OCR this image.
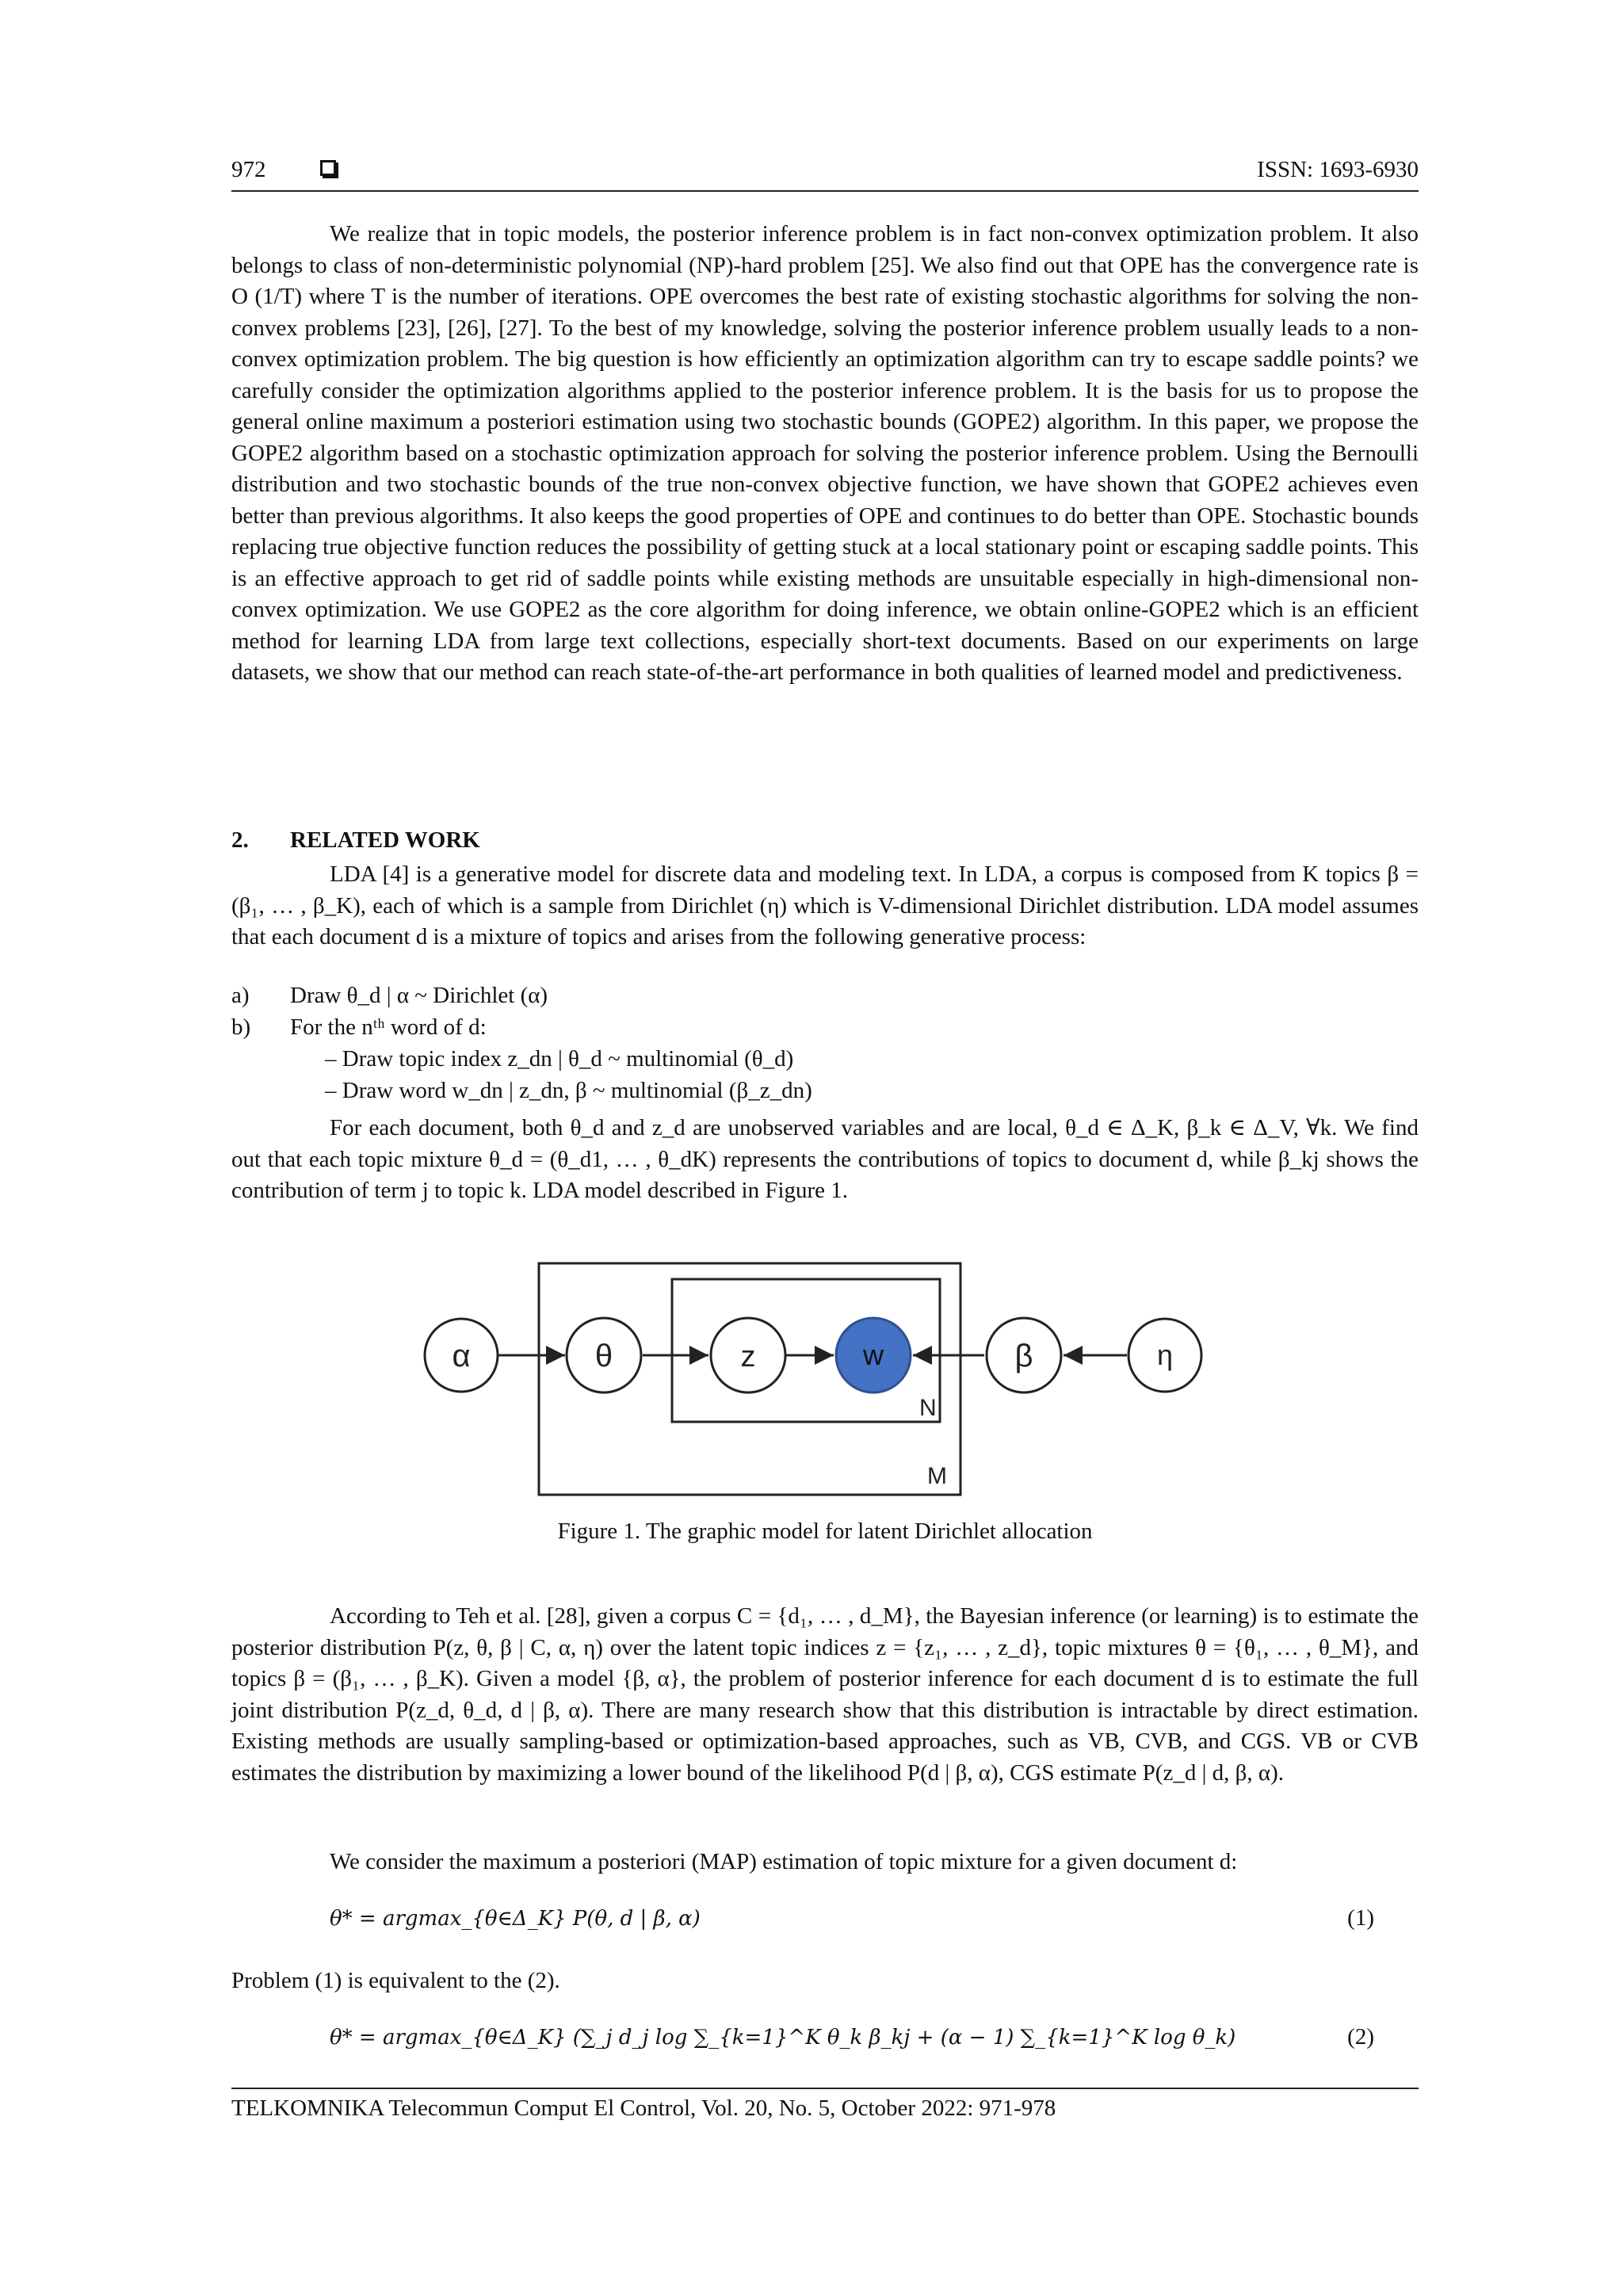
972	ISSN: 1693-6930

We realize that in topic models, the posterior inference problem is in fact non-convex optimization problem. It also belongs to class of non-deterministic polynomial (NP)-hard problem [25]. We also find out that OPE has the convergence rate is O (1/T) where T is the number of iterations. OPE overcomes the best rate of existing stochastic algorithms for solving the non-convex problems [23], [26], [27]. To the best of my knowledge, solving the posterior inference problem usually leads to a non-convex optimization problem. The big question is how efficiently an optimization algorithm can try to escape saddle points? we carefully consider the optimization algorithms applied to the posterior inference problem. It is the basis for us to propose the general online maximum a posteriori estimation using two stochastic bounds (GOPE2) algorithm. In this paper, we propose the GOPE2 algorithm based on a stochastic optimization approach for solving the posterior inference problem. Using the Bernoulli distribution and two stochastic bounds of the true non-convex objective function, we have shown that GOPE2 achieves even better than previous algorithms. It also keeps the good properties of OPE and continues to do better than OPE. Stochastic bounds replacing true objective function reduces the possibility of getting stuck at a local stationary point or escaping saddle points. This is an effective approach to get rid of saddle points while existing methods are unsuitable especially in high-dimensional non-convex optimization. We use GOPE2 as the core algorithm for doing inference, we obtain online-GOPE2 which is an efficient method for learning LDA from large text collections, especially short-text documents. Based on our experiments on large datasets, we show that our method can reach state-of-the-art performance in both qualities of learned model and predictiveness.

2. RELATED WORK

LDA [4] is a generative model for discrete data and modeling text. In LDA, a corpus is composed from K topics β = (β₁, … , β_K), each of which is a sample from Dirichlet (η) which is V-dimensional Dirichlet distribution. LDA model assumes that each document d is a mixture of topics and arises from the following generative process:

a) Draw θ_d | α ~ Dirichlet (α)
b) For the nᵗʰ word of d:
– Draw topic index z_dn | θ_d ~ multinomial (θ_d)
– Draw word w_dn | z_dn, β ~ multinomial (β_z_dn)

For each document, both θ_d and z_d are unobserved variables and are local, θ_d ∈ Δ_K, β_k ∈ Δ_V, ∀k. We find out that each topic mixture θ_d = (θ_d1, … , θ_dK) represents the contributions of topics to document d, while β_kj shows the contribution of term j to topic k. LDA model described in Figure 1.

N
M
α	θ	z	w	β	η
Figure 1. The graphic model for latent Dirichlet allocation

According to Teh et al. [28], given a corpus C = {d₁, … , d_M}, the Bayesian inference (or learning) is to estimate the posterior distribution P(z, θ, β | C, α, η) over the latent topic indices z = {z₁, … , z_d}, topic mixtures θ = {θ₁, … , θ_M}, and topics β = (β₁, … , β_K). Given a model {β, α}, the problem of posterior inference for each document d is to estimate the full joint distribution P(z_d, θ_d, d | β, α). There are many research show that this distribution is intractable by direct estimation. Existing methods are usually sampling-based or optimization-based approaches, such as VB, CVB, and CGS. VB or CVB estimates the distribution by maximizing a lower bound of the likelihood P(d | β, α), CGS estimate P(z_d | d, β, α).

We consider the maximum a posteriori (MAP) estimation of topic mixture for a given document d:

θ* = argmax_{θ∈Δ_K} P(θ, d | β, α)	(1)
Problem (1) is equivalent to the (2).
θ* = argmax_{θ∈Δ_K} (∑_j d_j log ∑_{k=1}^K θ_k β_kj + (α − 1) ∑_{k=1}^K log θ_k)	(2)
TELKOMNIKA Telecommun Comput El Control, Vol. 20, No. 5, October 2022: 971-978
